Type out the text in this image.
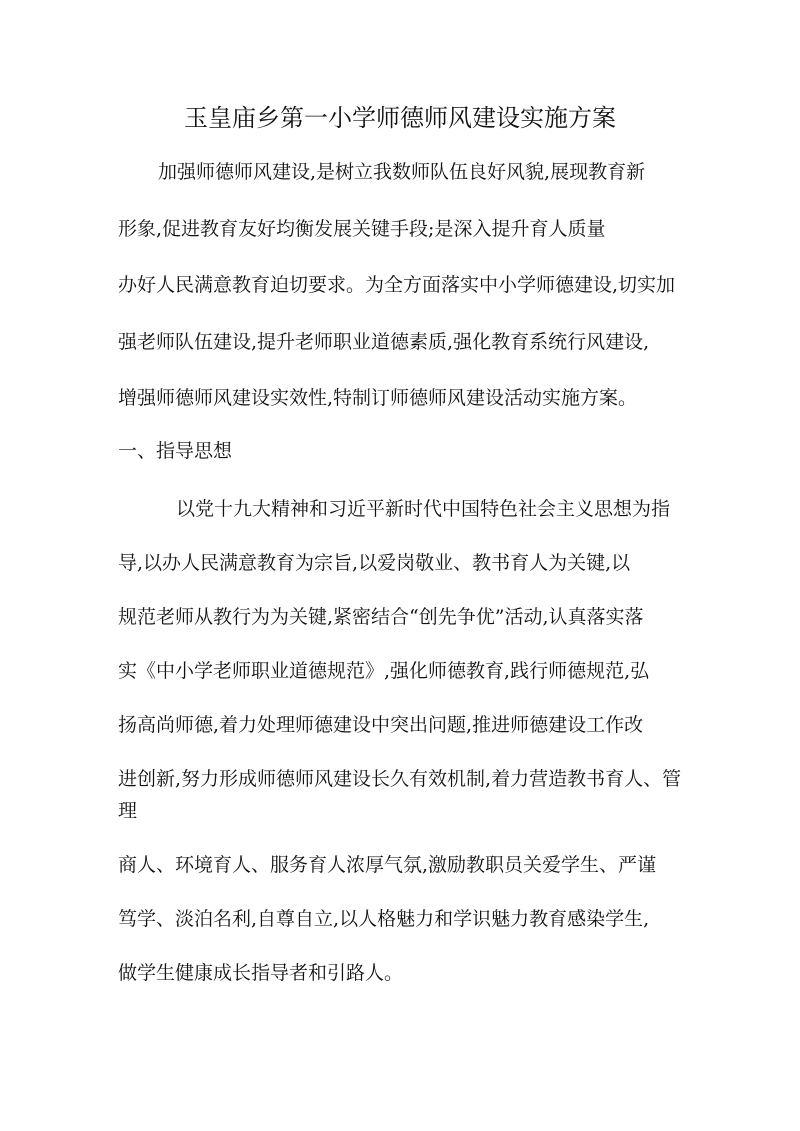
玉皇庙乡第一小学师德师风建设实施方案
加强师德师风建设,是树立我数师队伍良好风貌,展现教育新
形象,促进教育友好均衡发展关键手段;是深入提升育人质量
办好人民满意教育迫切要求。为全方面落实中小学师德建设,切实加
强老师队伍建设,提升老师职业道德素质,强化教育系统行风建设,
增强师德师风建设实效性,特制订师德师风建设活动实施方案。
一、指导思想
以党十九大精神和习近平新时代中国特色社会主义思想为指
导,以办人民满意教育为宗旨,以爱岗敬业、教书育人为关键,以
规范老师从教行为为关键,紧密结合“创先争优”活动,认真落实落
实《中小学老师职业道德规范》,强化师德教育,践行师德规范,弘
扬高尚师德,着力处理师德建设中突出问题,推进师德建设工作改
进创新,努力形成师德师风建设长久有效机制,着力营造教书育人、管
理
商人、环境育人、服务育人浓厚气氛,激励教职员关爱学生、严谨
笃学、淡泊名利,自尊自立,以人格魅力和学识魅力教育感染学生,
做学生健康成长指导者和引路人。
